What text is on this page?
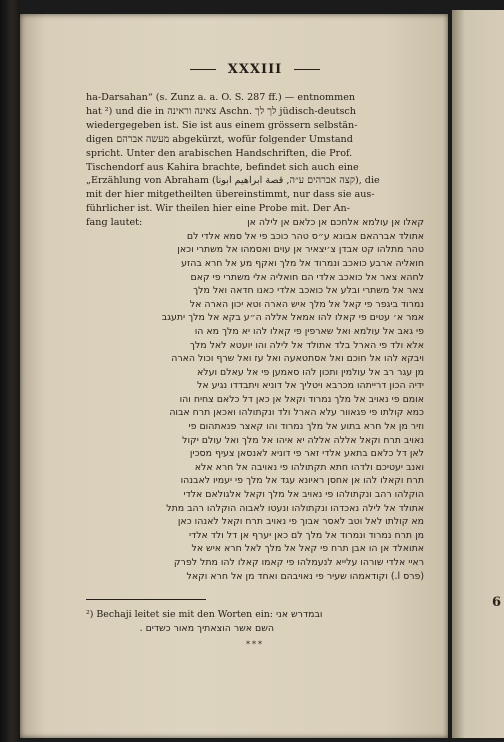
XXXIII

ha-Darsahan“ (s. Zunz a. a. O. S. 287 ff.) — entnommen

hat ²) und die in צאינה וראינה Aschn. לך לך jüdisch-deutsch

wiedergegeben ist. Sie ist aus einem grössern selbstän-

digen מעשה אברהם abgekürzt, wofür folgender Umstand

spricht. Unter den arabischen Handschriften, die Prof.

Tischendorf aus Kahira brachte, befindet sich auch eine

„Erzählung von Abraham (קצה אברהים ע״ה, قصة ابراهيم ابونا), die

mit der hier mitgetheilten übereinstimmt, nur dass sie aus-

führlicher ist. Wir theilen hier eine Probe mit. Der An-

fang lautet:	קאלו אן עולמא אלחכם אן כלאם אן לילה אן

אתולד אברהאם אבונא ע״ס טהר כוכב פי אל סמא אלדי לם

טהר מתלהו קט אבדן צ׳יצאיר אן עוים ואסמהו אל משתרי וכאן

חואליה ארבע כואכב ונמרוד אל מלך ואקף מע אל חרא בהזע

לחהא צאר אל כואכב אלדי הם חואליה אלי משתרי פי קאם

צאר אל משתרי ובלע אל כואכב אלדי כאנו חדאה ואל מלך

נמרוד ביגפר פי קאל אל מלך איש הארה וטא יכון הארה אל

אמר א׳ עטים פי קאלו להו אמאל אללה ה״ע בקא אל מלך יתעגב

פי גאב אל עולמא ואל שארפין פי קאלו להו יא מלך מא הו

אלא ולד פי הארל בלד אתולד אל לילה והו יועטא לאל מלך

ויבקא להו אל חוכם ואל אסתטאעה ואל עז ואל שרף וכול הארה

מן עגר רב אל עולמין ותכון להו סאמען פי אל עאלם ועלא

ידיה הכון דרייתהו מכרבא ויטליך אל דוניא ויתבדדו נגיע אל

אומם פי נאויב אל מלך נמרוד וקאל אן כאן דל כלאם צחיח והו

כמא קולתו פי פגאוור עלא הארל ולד ונקתולהו ואכאן תרח אבוה

וזיר מן אל חרא בתוע אל מלך נמרוד והו קאצר פנאתהום פי

נאויב תרח וקאל אללה אללה יא איהו אל מלך ואל עולם יקול

לאן דל כלאם בתאע אלדי זאר פי דוניא לאנסאן צעיף מסכין

ואנב יעטיכם ולדהו חתא תקתולהו פי נאויבה אל חרא אלא

תרח וקאלו להו אן אחסן ראיונא עגד אל מלך פי יעמיו לאבנהו

הוקלהו רהב ונקתולהו פי נאויב אל מלך וקאל אלגולאם אלדי

אתולד אל לילה נאכדהו ונקתולהו ונעטו לאבוה הוקלהו רהב מתל

מא קולתו לאל וטב לאסר אבוך פי נאויב תרח וקאל לאנהו כאן

מן תרח נמרוד ונמרוד אל מלך לם כאן יערף אן דל ולד אלדי

אתואלד אן הו אבן תרח פי קאל אל מלך לאל חרא איש אל

ראיי אלדי שורהו עלייא לנעמלהו פי קאמו קאלו להו מתל לפרק

(פרס l.) וקודאמהו שעיר פי נאויבהם ואחד מן אל חרא וקאל

²) Bechaji leitet sie mit den Worten ein: ובמדרש אני
השם אשר הוצאתיך מאור כשדים .
***
6
